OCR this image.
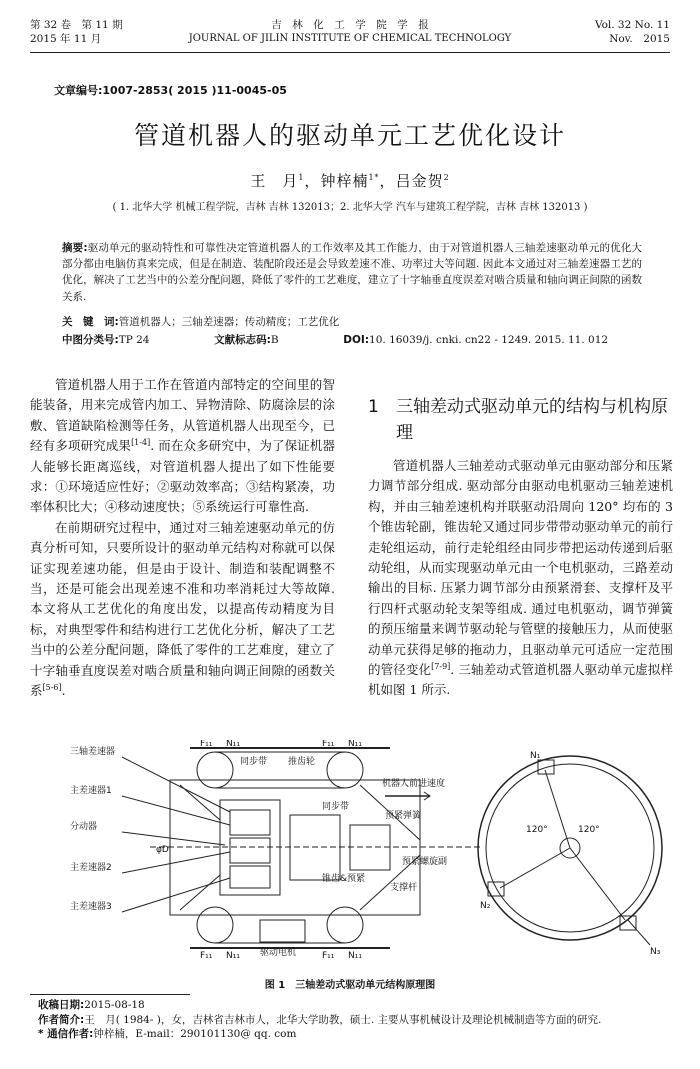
第 32 卷　第 11 期
2015 年 11 月
吉　林　化　工　学　院　学　报
JOURNAL OF JILIN INSTITUTE OF CHEMICAL TECHNOLOGY
Vol. 32 No. 11
Nov.　2015
文章编号:1007-2853( 2015 )11-0045-05
管道机器人的驱动单元工艺优化设计
王　月$^1$，钟梓楠$^{1*}$，吕金贺$^2$
( 1. 北华大学 机械工程学院，吉林 吉林 132013；2. 北华大学 汽车与建筑工程学院，吉林 吉林 132013 )
摘要:驱动单元的驱动特性和可靠性决定管道机器人的工作效率及其工作能力，由于对管道机器人三轴差速驱动单元的优化大部分都由电脑仿真来完成，但是在制造、装配阶段还是会导致差速不准、功率过大等问题. 因此本文通过对三轴差速器工艺的优化，解决了工艺当中的公差分配问题，降低了零件的工艺难度，建立了十字轴垂直度误差对啮合质量和轴向调正间隙的函数关系.
关　键　词:管道机器人；三轴差速器；传动精度；工艺优化
中图分类号:TP 24	文献标志码:B	DOI:10. 16039/j. cnki. cn22 - 1249. 2015. 11. 012

管道机器人用于工作在管道内部特定的空间里的智能装备，用来完成管内加工、异物清除、防腐涂层的涂敷、管道缺陷检测等任务，从管道机器人出现至今，已经有多项研究成果[1-4]. 而在众多研究中，为了保证机器人能够长距离巡线，对管道机器人提出了如下性能要求：①环境适应性好；②驱动效率高；③结构紧凑，功率体积比大；④移动速度快；⑤系统运行可靠性高.

在前期研究过程中，通过对三轴差速驱动单元的仿真分析可知，只要所设计的驱动单元结构对称就可以保证实现差速功能，但是由于设计、制造和装配调整不当，还是可能会出现差速不准和功率消耗过大等故障. 本文将从工艺优化的角度出发，以提高传动精度为目标，对典型零件和结构进行工艺优化分析，解决了工艺当中的公差分配问题，降低了零件的工艺难度，建立了十字轴垂直度误差对啮合质量和轴向调正间隙的函数关系[5-6].

1	三轴差动式驱动单元的结构与机构原理

管道机器人三轴差动式驱动单元由驱动部分和压紧力调节部分组成. 驱动部分由驱动电机驱动三轴差速机构，并由三轴差速机构并联驱动沿周向 120° 均布的 3 个锥齿轮副，锥齿轮又通过同步带带动驱动单元的前行走轮组运动，前行走轮组经由同步带把运动传递到后驱动轮组，从而实现驱动单元由一个电机驱动，三路差动输出的目标. 压紧力调节部分由预紧滑套、支撑杆及平行四杆式驱动轮支架等组成. 通过电机驱动，调节弹簧的预压缩量来调节驱动轮与管壁的接触压力，从而使驱动单元获得足够的拖动力，且驱动单元可适应一定范围的管径变化[7-9]. 三轴差动式管道机器人驱动单元虚拟样机如图 1 所示.

三轴差速器
主差速器1
分动器
主差速器2
主差速器3
同步带 推齿轮
同步带
锥齿&预紧
驱动电机
机器人前进速度
预紧弹簧
预紧螺旋副
支撑杆
F₁₁ N₁₁	F₁₁ N₁₁
F₁₁ N₁₁	F₁₁ N₁₁
φD
120°	120°
N₁
N₂
N₃
图 1　三轴差动式驱动单元结构原理图
收稿日期:2015-08-18
作者简介:王　月( 1984- )，女，吉林省吉林市人，北华大学助教，硕士. 主要从事机械设计及理论机械制造等方面的研究.
* 通信作者:钟梓楠，E-mail：290101130@ qq. com
